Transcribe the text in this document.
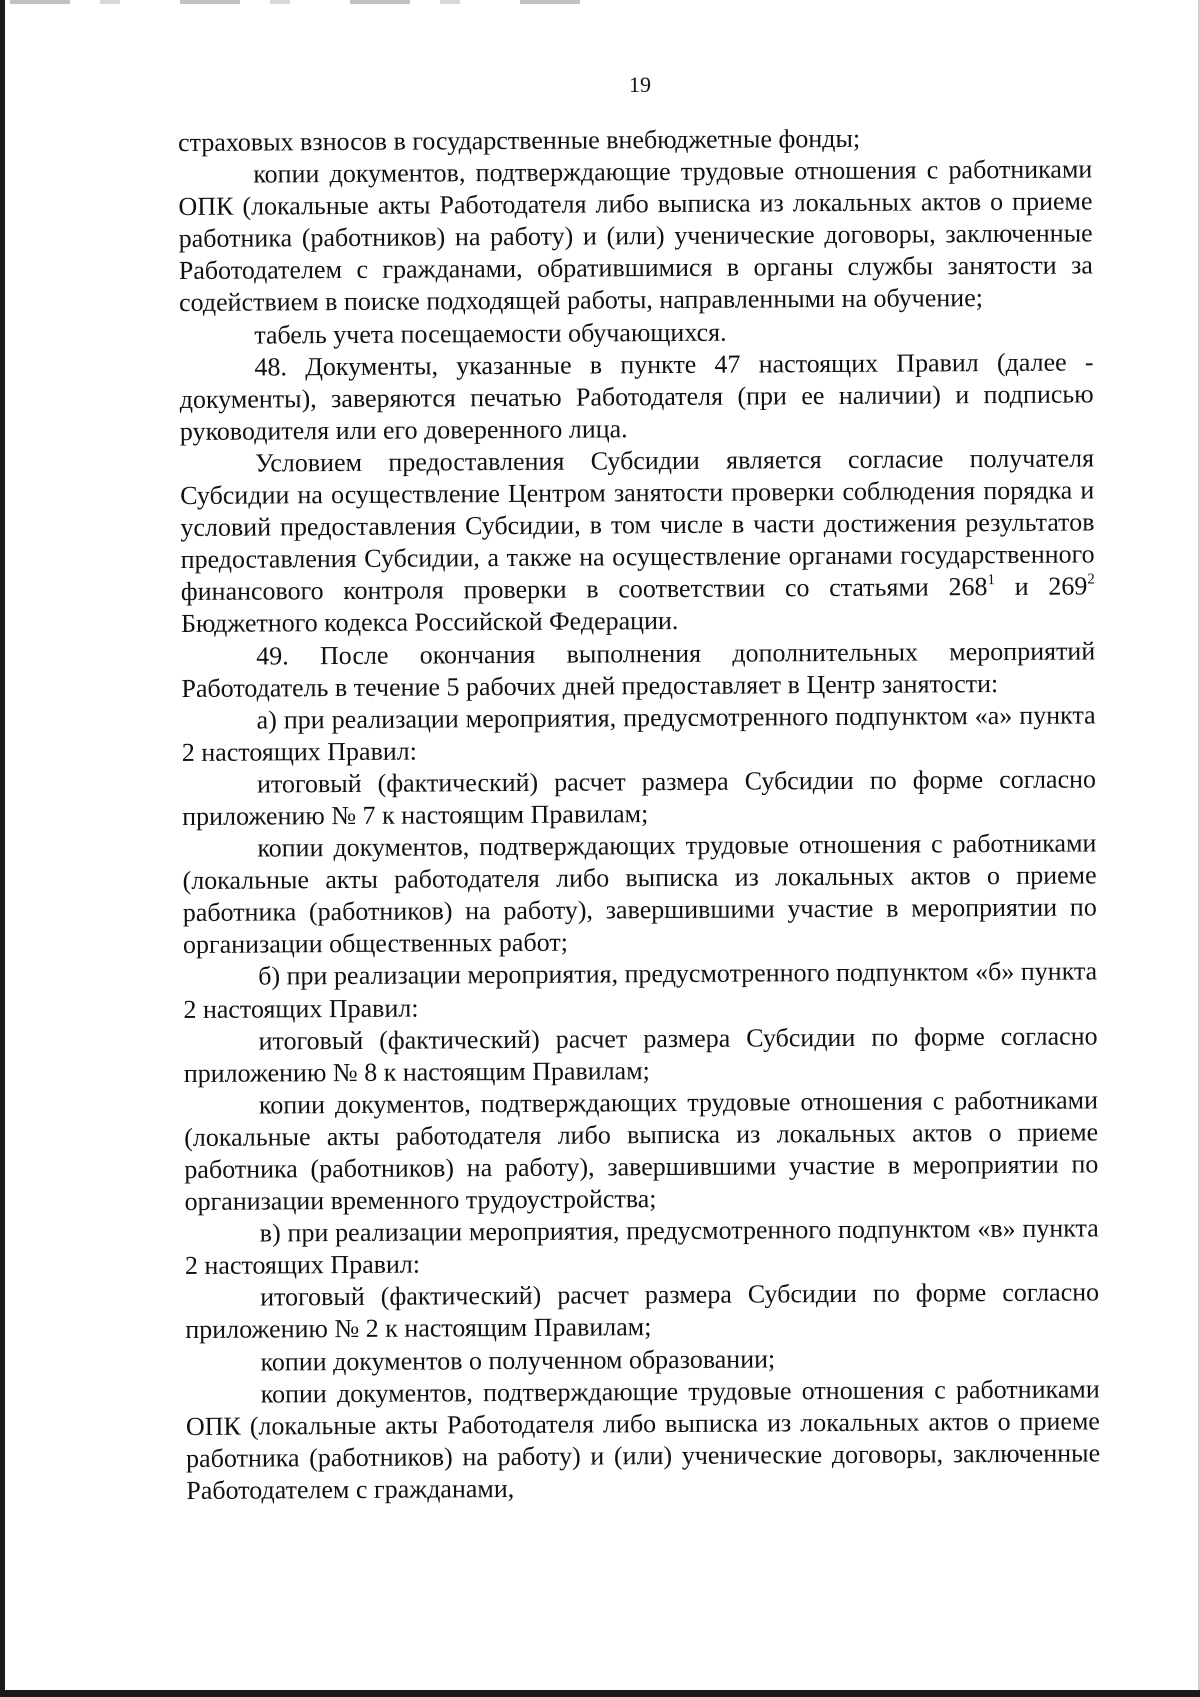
19

страховых взносов в государственные внебюджетные фонды;

копии документов, подтверждающие трудовые отношения с работниками ОПК (локальные акты Работодателя либо выписка из локальных актов о приеме работника (работников) на работу) и (или) ученические договоры, заключенные Работодателем с гражданами, обратившимися в органы службы занятости за содействием в поиске подходящей работы, направленными на обучение;

табель учета посещаемости обучающихся.

48. Документы, указанные в пункте 47 настоящих Правил (далее - документы), заверяются печатью Работодателя (при ее наличии) и подписью руководителя или его доверенного лица.

Условием предоставления Субсидии является согласие получателя Субсидии на осуществление Центром занятости проверки соблюдения порядка и условий предоставления Субсидии, в том числе в части достижения результатов предоставления Субсидии, а также на осуществление органами государственного финансового контроля проверки в соответствии со статьями $268^1$ и $269^2$ Бюджетного кодекса Российской Федерации.

49. После окончания выполнения дополнительных мероприятий Работодатель в течение 5 рабочих дней предоставляет в Центр занятости:

а) при реализации мероприятия, предусмотренного подпунктом «а» пункта 2 настоящих Правил:

итоговый (фактический) расчет размера Субсидии по форме согласно приложению № 7 к настоящим Правилам;

копии документов, подтверждающих трудовые отношения с работниками (локальные акты работодателя либо выписка из локальных актов о приеме работника (работников) на работу), завершившими участие в мероприятии по организации общественных работ;

б) при реализации мероприятия, предусмотренного подпунктом «б» пункта 2 настоящих Правил:

итоговый (фактический) расчет размера Субсидии по форме согласно приложению № 8 к настоящим Правилам;

копии документов, подтверждающих трудовые отношения с работниками (локальные акты работодателя либо выписка из локальных актов о приеме работника (работников) на работу), завершившими участие в мероприятии по организации временного трудоустройства;

в) при реализации мероприятия, предусмотренного подпунктом «в» пункта 2 настоящих Правил:

итоговый (фактический) расчет размера Субсидии по форме согласно приложению № 2 к настоящим Правилам;

копии документов о полученном образовании;

копии документов, подтверждающие трудовые отношения с работниками ОПК (локальные акты Работодателя либо выписка из локальных актов о приеме работника (работников) на работу) и (или) ученические договоры, заключенные Работодателем с гражданами,
